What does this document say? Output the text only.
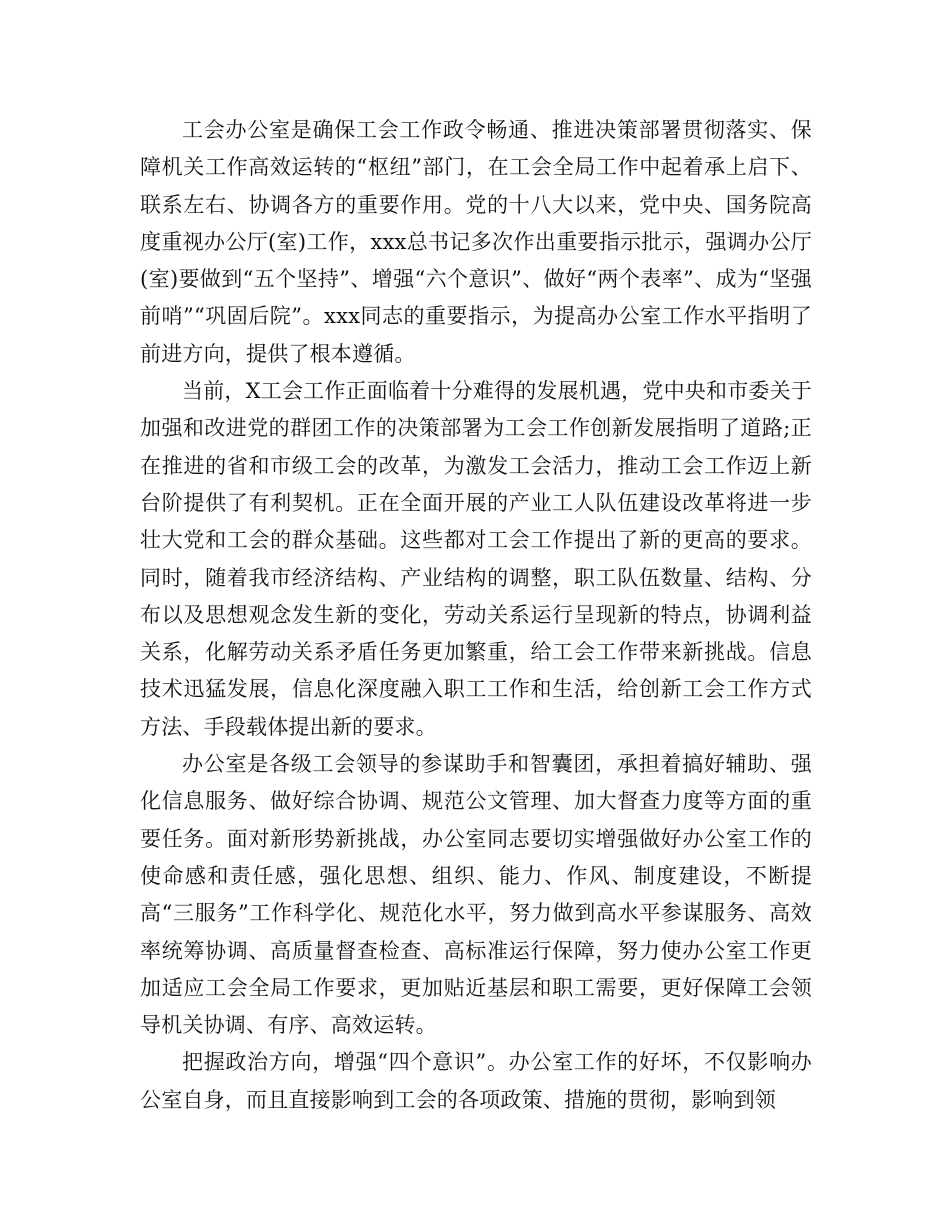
工会办公室是确保工会工作政令畅通、推进决策部署贯彻落实、保障机关工作高效运转的“枢纽”部门，在工会全局工作中起着承上启下、联系左右、协调各方的重要作用。党的十八大以来，党中央、国务院高度重视办公厅(室)工作，xxx总书记多次作出重要指示批示，强调办公厅(室)要做到“五个坚持”、增强“六个意识”、做好“两个表率”、成为“坚强前哨”“巩固后院”。xxx同志的重要指示，为提高办公室工作水平指明了前进方向，提供了根本遵循。

当前，X工会工作正面临着十分难得的发展机遇，党中央和市委关于加强和改进党的群团工作的决策部署为工会工作创新发展指明了道路;正在推进的省和市级工会的改革，为激发工会活力，推动工会工作迈上新台阶提供了有利契机。正在全面开展的产业工人队伍建设改革将进一步壮大党和工会的群众基础。这些都对工会工作提出了新的更高的要求。同时，随着我市经济结构、产业结构的调整，职工队伍数量、结构、分布以及思想观念发生新的变化，劳动关系运行呈现新的特点，协调利益关系，化解劳动关系矛盾任务更加繁重，给工会工作带来新挑战。信息技术迅猛发展，信息化深度融入职工工作和生活，给创新工会工作方式方法、手段载体提出新的要求。

办公室是各级工会领导的参谋助手和智囊团，承担着搞好辅助、强化信息服务、做好综合协调、规范公文管理、加大督查力度等方面的重要任务。面对新形势新挑战，办公室同志要切实增强做好办公室工作的使命感和责任感，强化思想、组织、能力、作风、制度建设，不断提高“三服务”工作科学化、规范化水平，努力做到高水平参谋服务、高效率统筹协调、高质量督查检查、高标准运行保障，努力使办公室工作更加适应工会全局工作要求，更加贴近基层和职工需要，更好保障工会领导机关协调、有序、高效运转。

把握政治方向，增强“四个意识”。办公室工作的好坏，不仅影响办公室自身，而且直接影响到工会的各项政策、措施的贯彻，影响到领
